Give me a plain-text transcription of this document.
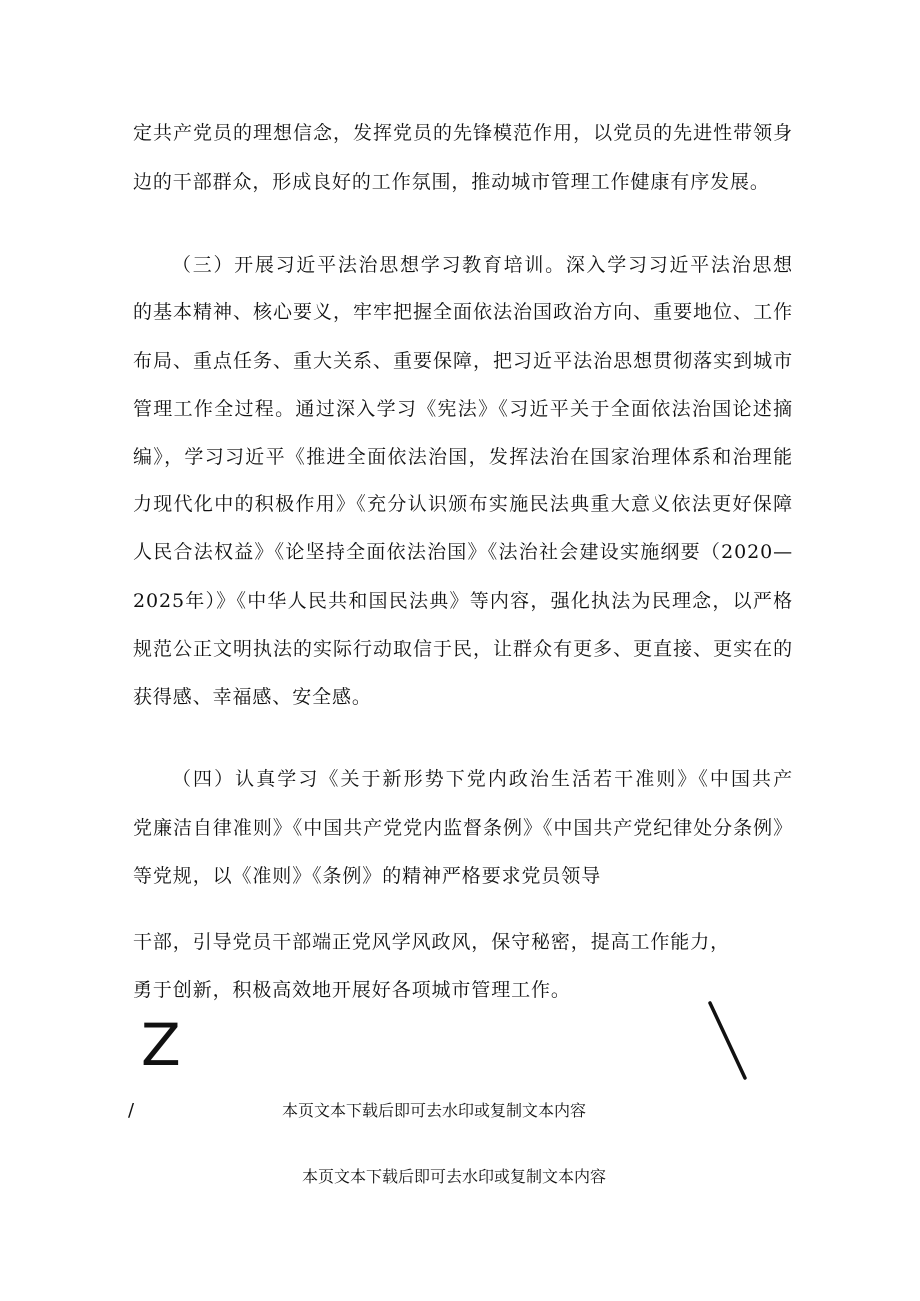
定共产党员的理想信念，发挥党员的先锋模范作用，以党员的先进性带领身
边的干部群众，形成良好的工作氛围，推动城市管理工作健康有序发展。
（三）开展习近平法治思想学习教育培训。深入学习习近平法治思想
的基本精神、核心要义，牢牢把握全面依法治国政治方向、重要地位、工作
布局、重点任务、重大关系、重要保障，把习近平法治思想贯彻落实到城市
管理工作全过程。通过深入学习《宪法》《习近平关于全面依法治国论述摘
编》，学习习近平《推进全面依法治国，发挥法治在国家治理体系和治理能
力现代化中的积极作用》《充分认识颁布实施民法典重大意义依法更好保障
人民合法权益》《论坚持全面依法治国》《法治社会建设实施纲要（2020—
2025年）》《中华人民共和国民法典》等内容，强化执法为民理念，以严格
规范公正文明执法的实际行动取信于民，让群众有更多、更直接、更实在的
获得感、幸福感、安全感。
（四）认真学习《关于新形势下党内政治生活若干准则》《中国共产
党廉洁自律准则》《中国共产党党内监督条例》《中国共产党纪律处分条例》
等党规，以《准则》《条例》的精神严格要求党员领导
干部，引导党员干部端正党风学风政风，保守秘密，提高工作能力，
勇于创新，积极高效地开展好各项城市管理工作。
Z
/	本页文本下载后即可去水印或复制文本内容
本页文本下载后即可去水印或复制文本内容
